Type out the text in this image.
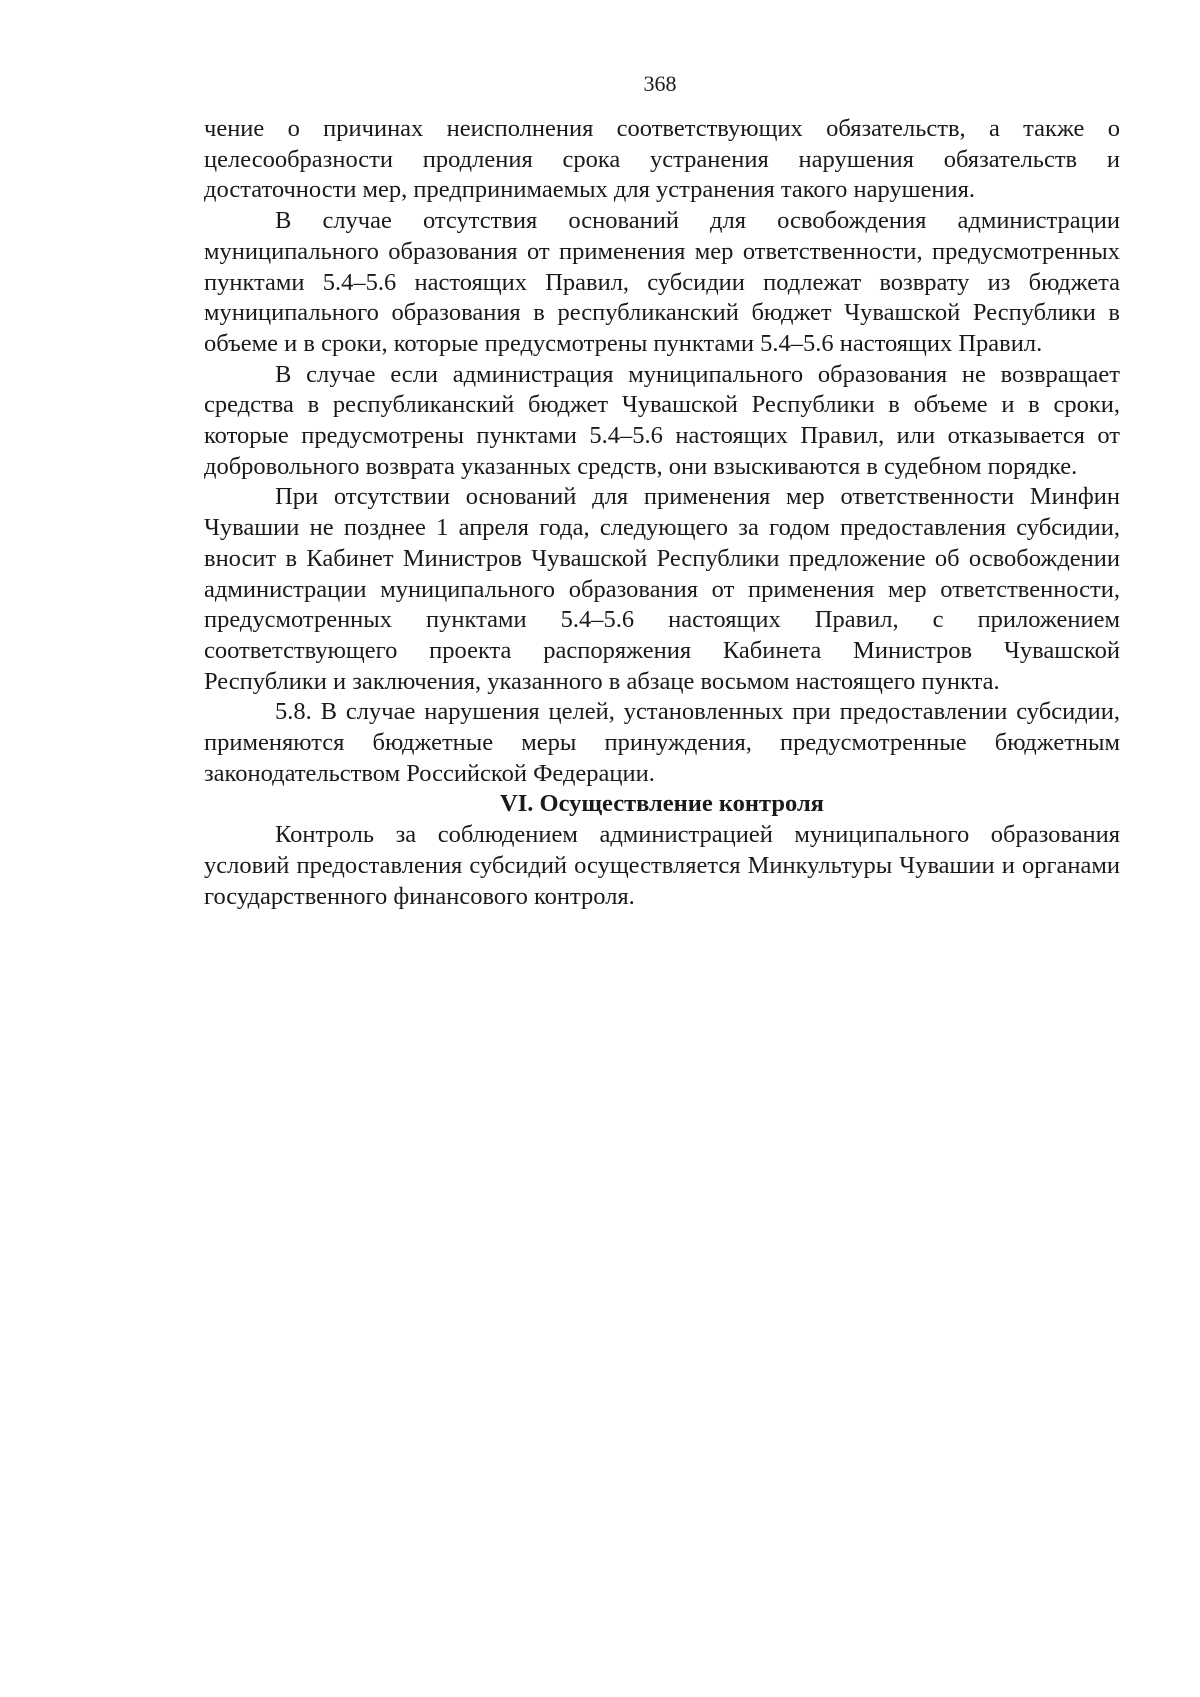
368

чение о причинах неисполнения соответствующих обязательств, а также о целесообразности продления срока устранения нарушения обязательств и достаточности мер, предпринимаемых для устранения такого нарушения.

В случае отсутствия оснований для освобождения администрации муниципального образования от применения мер ответственности, предусмотренных пунктами 5.4–5.6 настоящих Правил, субсидии подлежат возврату из бюджета муниципального образования в республиканский бюджет Чувашской Республики в объеме и в сроки, которые предусмотрены пунктами 5.4–5.6 настоящих Правил.

В случае если администрация муниципального образования не возвращает средства в республиканский бюджет Чувашской Республики в объеме и в сроки, которые предусмотрены пунктами 5.4–5.6 настоящих Правил, или отказывается от добровольного возврата указанных средств, они взыскиваются в судебном порядке.

При отсутствии оснований для применения мер ответственности Минфин Чувашии не позднее 1 апреля года, следующего за годом предоставления субсидии, вносит в Кабинет Министров Чувашской Республики предложение об освобождении администрации муниципального образования от применения мер ответственности, предусмотренных пунктами 5.4–5.6 настоящих Правил, с приложением соответствующего проекта распоряжения Кабинета Министров Чувашской Республики и заключения, указанного в абзаце восьмом настоящего пункта.

5.8. В случае нарушения целей, установленных при предоставлении субсидии, применяются бюджетные меры принуждения, предусмотренные бюджетным законодательством Российской Федерации.

VI. Осуществление контроля

Контроль за соблюдением администрацией муниципального образования условий предоставления субсидий осуществляется Минкультуры Чувашии и органами государственного финансового контроля.
